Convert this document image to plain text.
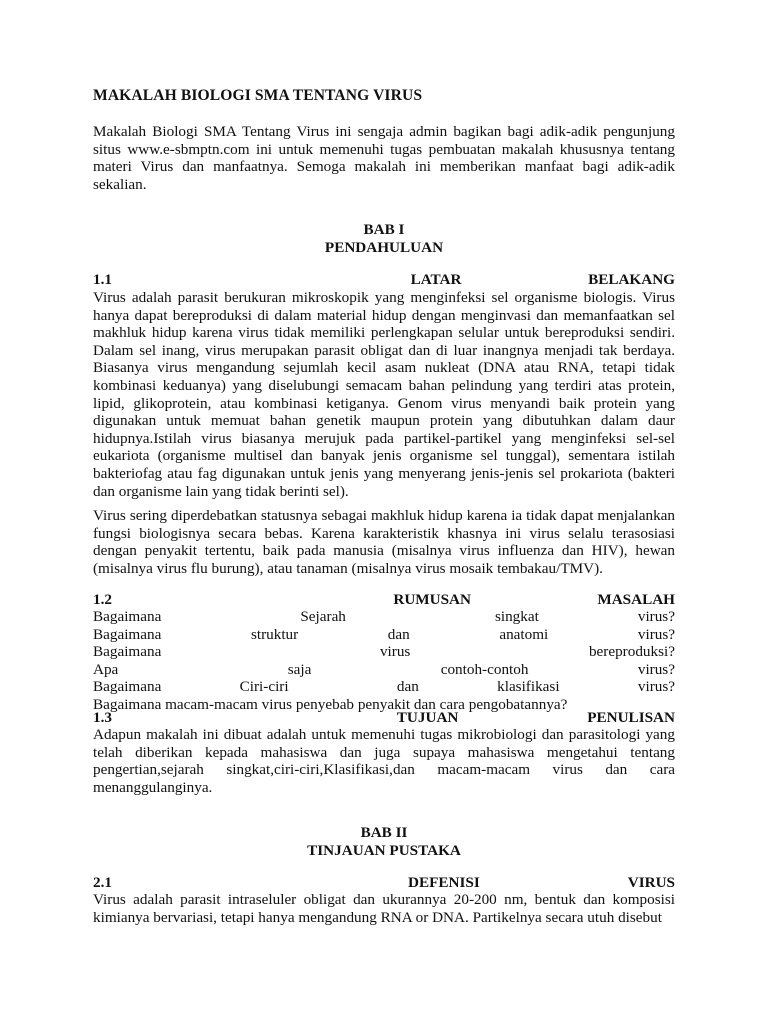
MAKALAH BIOLOGI SMA TENTANG VIRUS

Makalah Biologi SMA Tentang Virus ini sengaja admin bagikan bagi adik-adik pengunjung situs www.e-sbmptn.com ini untuk memenuhi tugas pembuatan makalah khususnya tentang materi Virus dan manfaatnya. Semoga makalah ini memberikan manfaat bagi adik-adik sekalian.

BAB I
PENDAHULUAN
1.1	LATAR	BELAKANG

Virus adalah parasit berukuran mikroskopik yang menginfeksi sel organisme biologis. Virus hanya dapat bereproduksi di dalam material hidup dengan menginvasi dan memanfaatkan sel makhluk hidup karena virus tidak memiliki perlengkapan selular untuk bereproduksi sendiri. Dalam sel inang, virus merupakan parasit obligat dan di luar inangnya menjadi tak berdaya. Biasanya virus mengandung sejumlah kecil asam nukleat (DNA atau RNA, tetapi tidak kombinasi keduanya) yang diselubungi semacam bahan pelindung yang terdiri atas protein, lipid, glikoprotein, atau kombinasi ketiganya. Genom virus menyandi baik protein yang digunakan untuk memuat bahan genetik maupun protein yang dibutuhkan dalam daur hidupnya.Istilah virus biasanya merujuk pada partikel-partikel yang menginfeksi sel-sel eukariota (organisme multisel dan banyak jenis organisme sel tunggal), sementara istilah bakteriofag atau fag digunakan untuk jenis yang menyerang jenis-jenis sel prokariota (bakteri dan organisme lain yang tidak berinti sel).

Virus sering diperdebatkan statusnya sebagai makhluk hidup karena ia tidak dapat menjalankan fungsi biologisnya secara bebas. Karena karakteristik khasnya ini virus selalu terasosiasi dengan penyakit tertentu, baik pada manusia (misalnya virus influenza dan HIV), hewan (misalnya virus flu burung), atau tanaman (misalnya virus mosaik tembakau/TMV).

1.2	RUMUSAN	MASALAH
Bagaimana	Sejarah	singkat	virus?
Bagaimana	struktur	dan	anatomi	virus?
Bagaimana	virus	bereproduksi?
Apa	saja	contoh-contoh	virus?
Bagaimana	Ciri-ciri	dan	klasifikasi	virus?
Bagaimana macam-macam virus penyebab penyakit dan cara pengobatannya?
1.3	TUJUAN	PENULISAN

Adapun makalah ini dibuat adalah untuk memenuhi tugas mikrobiologi dan parasitologi yang telah diberikan kepada mahasiswa dan juga supaya mahasiswa mengetahui tentang pengertian,sejarah singkat,ciri-ciri,Klasifikasi,dan macam-macam virus dan cara menanggulanginya.

BAB II
TINJAUAN PUSTAKA
2.1	DEFENISI	VIRUS

Virus adalah parasit intraseluler obligat dan ukurannya 20-200 nm, bentuk dan komposisi kimianya bervariasi, tetapi hanya mengandung RNA or DNA. Partikelnya secara utuh disebut
